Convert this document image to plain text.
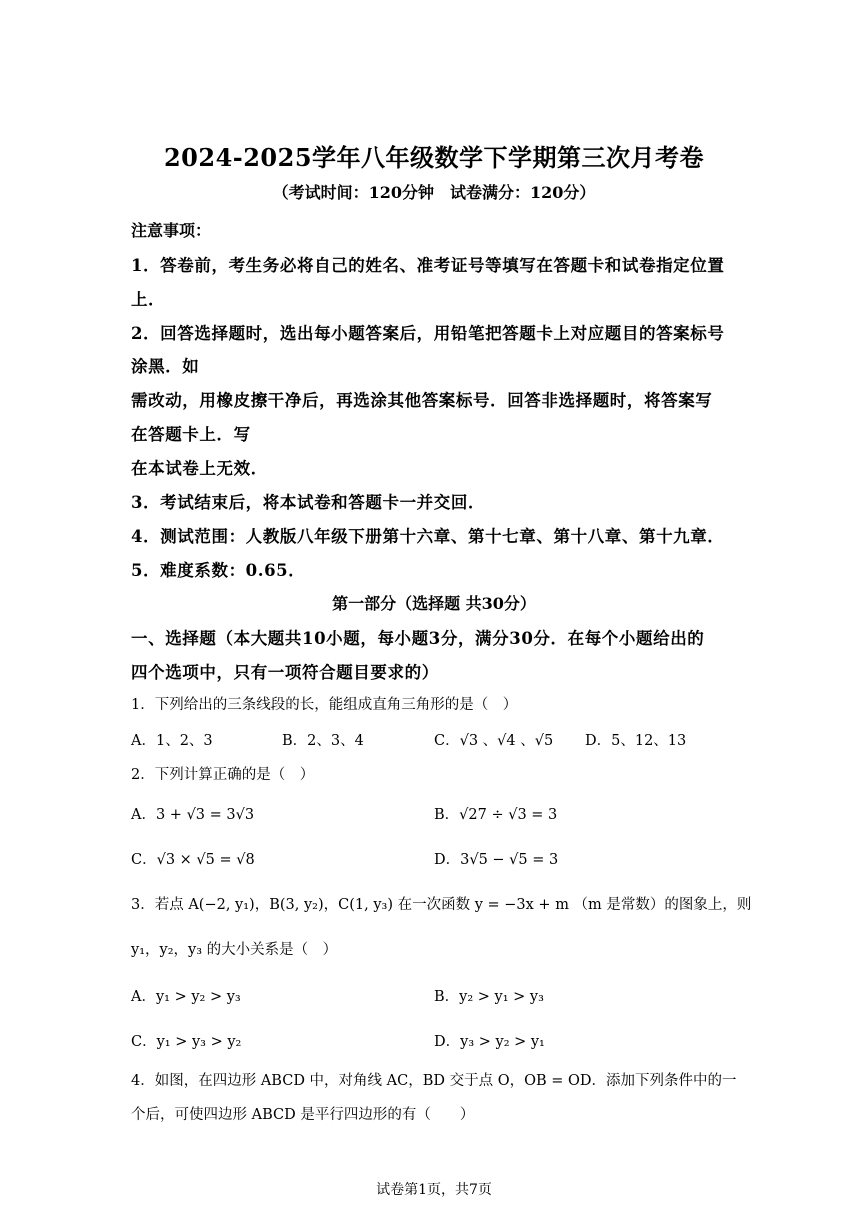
2024-2025学年八年级数学下学期第三次月考卷
（考试时间：120分钟　试卷满分：120分）
注意事项：
1．答卷前，考生务必将自己的姓名、准考证号等填写在答题卡和试卷指定位置
上．
2．回答选择题时，选出每小题答案后，用铅笔把答题卡上对应题目的答案标号
涂黑．如
需改动，用橡皮擦干净后，再选涂其他答案标号．回答非选择题时，将答案写
在答题卡上．写
在本试卷上无效．
3．考试结束后，将本试卷和答题卡一并交回．
4．测试范围：人教版八年级下册第十六章、第十七章、第十八章、第十九章．
5．难度系数：0.65．
第一部分（选择题 共30分）
一、选择题（本大题共10小题，每小题3分，满分30分．在每个小题给出的
四个选项中，只有一项符合题目要求的）
1．下列给出的三条线段的长，能组成直角三角形的是（　）
A．1、2、3	B．2、3、4	C．√3 、√4 、√5 D．5、12、13
2．下列计算正确的是（　）
A．3 + √3 = 3√3	B．√27 ÷ √3 = 3
C．√3 × √5 = √8	D．3√5 − √5 = 3
3．若点 A(−2, y₁)，B(3, y₂)，C(1, y₃) 在一次函数 y = −3x + m （m 是常数）的图象上，则
y₁，y₂，y₃ 的大小关系是（　）
A．y₁ > y₂ > y₃	B．y₂ > y₁ > y₃
C．y₁ > y₃ > y₂	D．y₃ > y₂ > y₁
4．如图，在四边形 ABCD 中，对角线 AC，BD 交于点 O，OB = OD．添加下列条件中的一
个后，可使四边形 ABCD 是平行四边形的有（　　）
试卷第1页，共7页
